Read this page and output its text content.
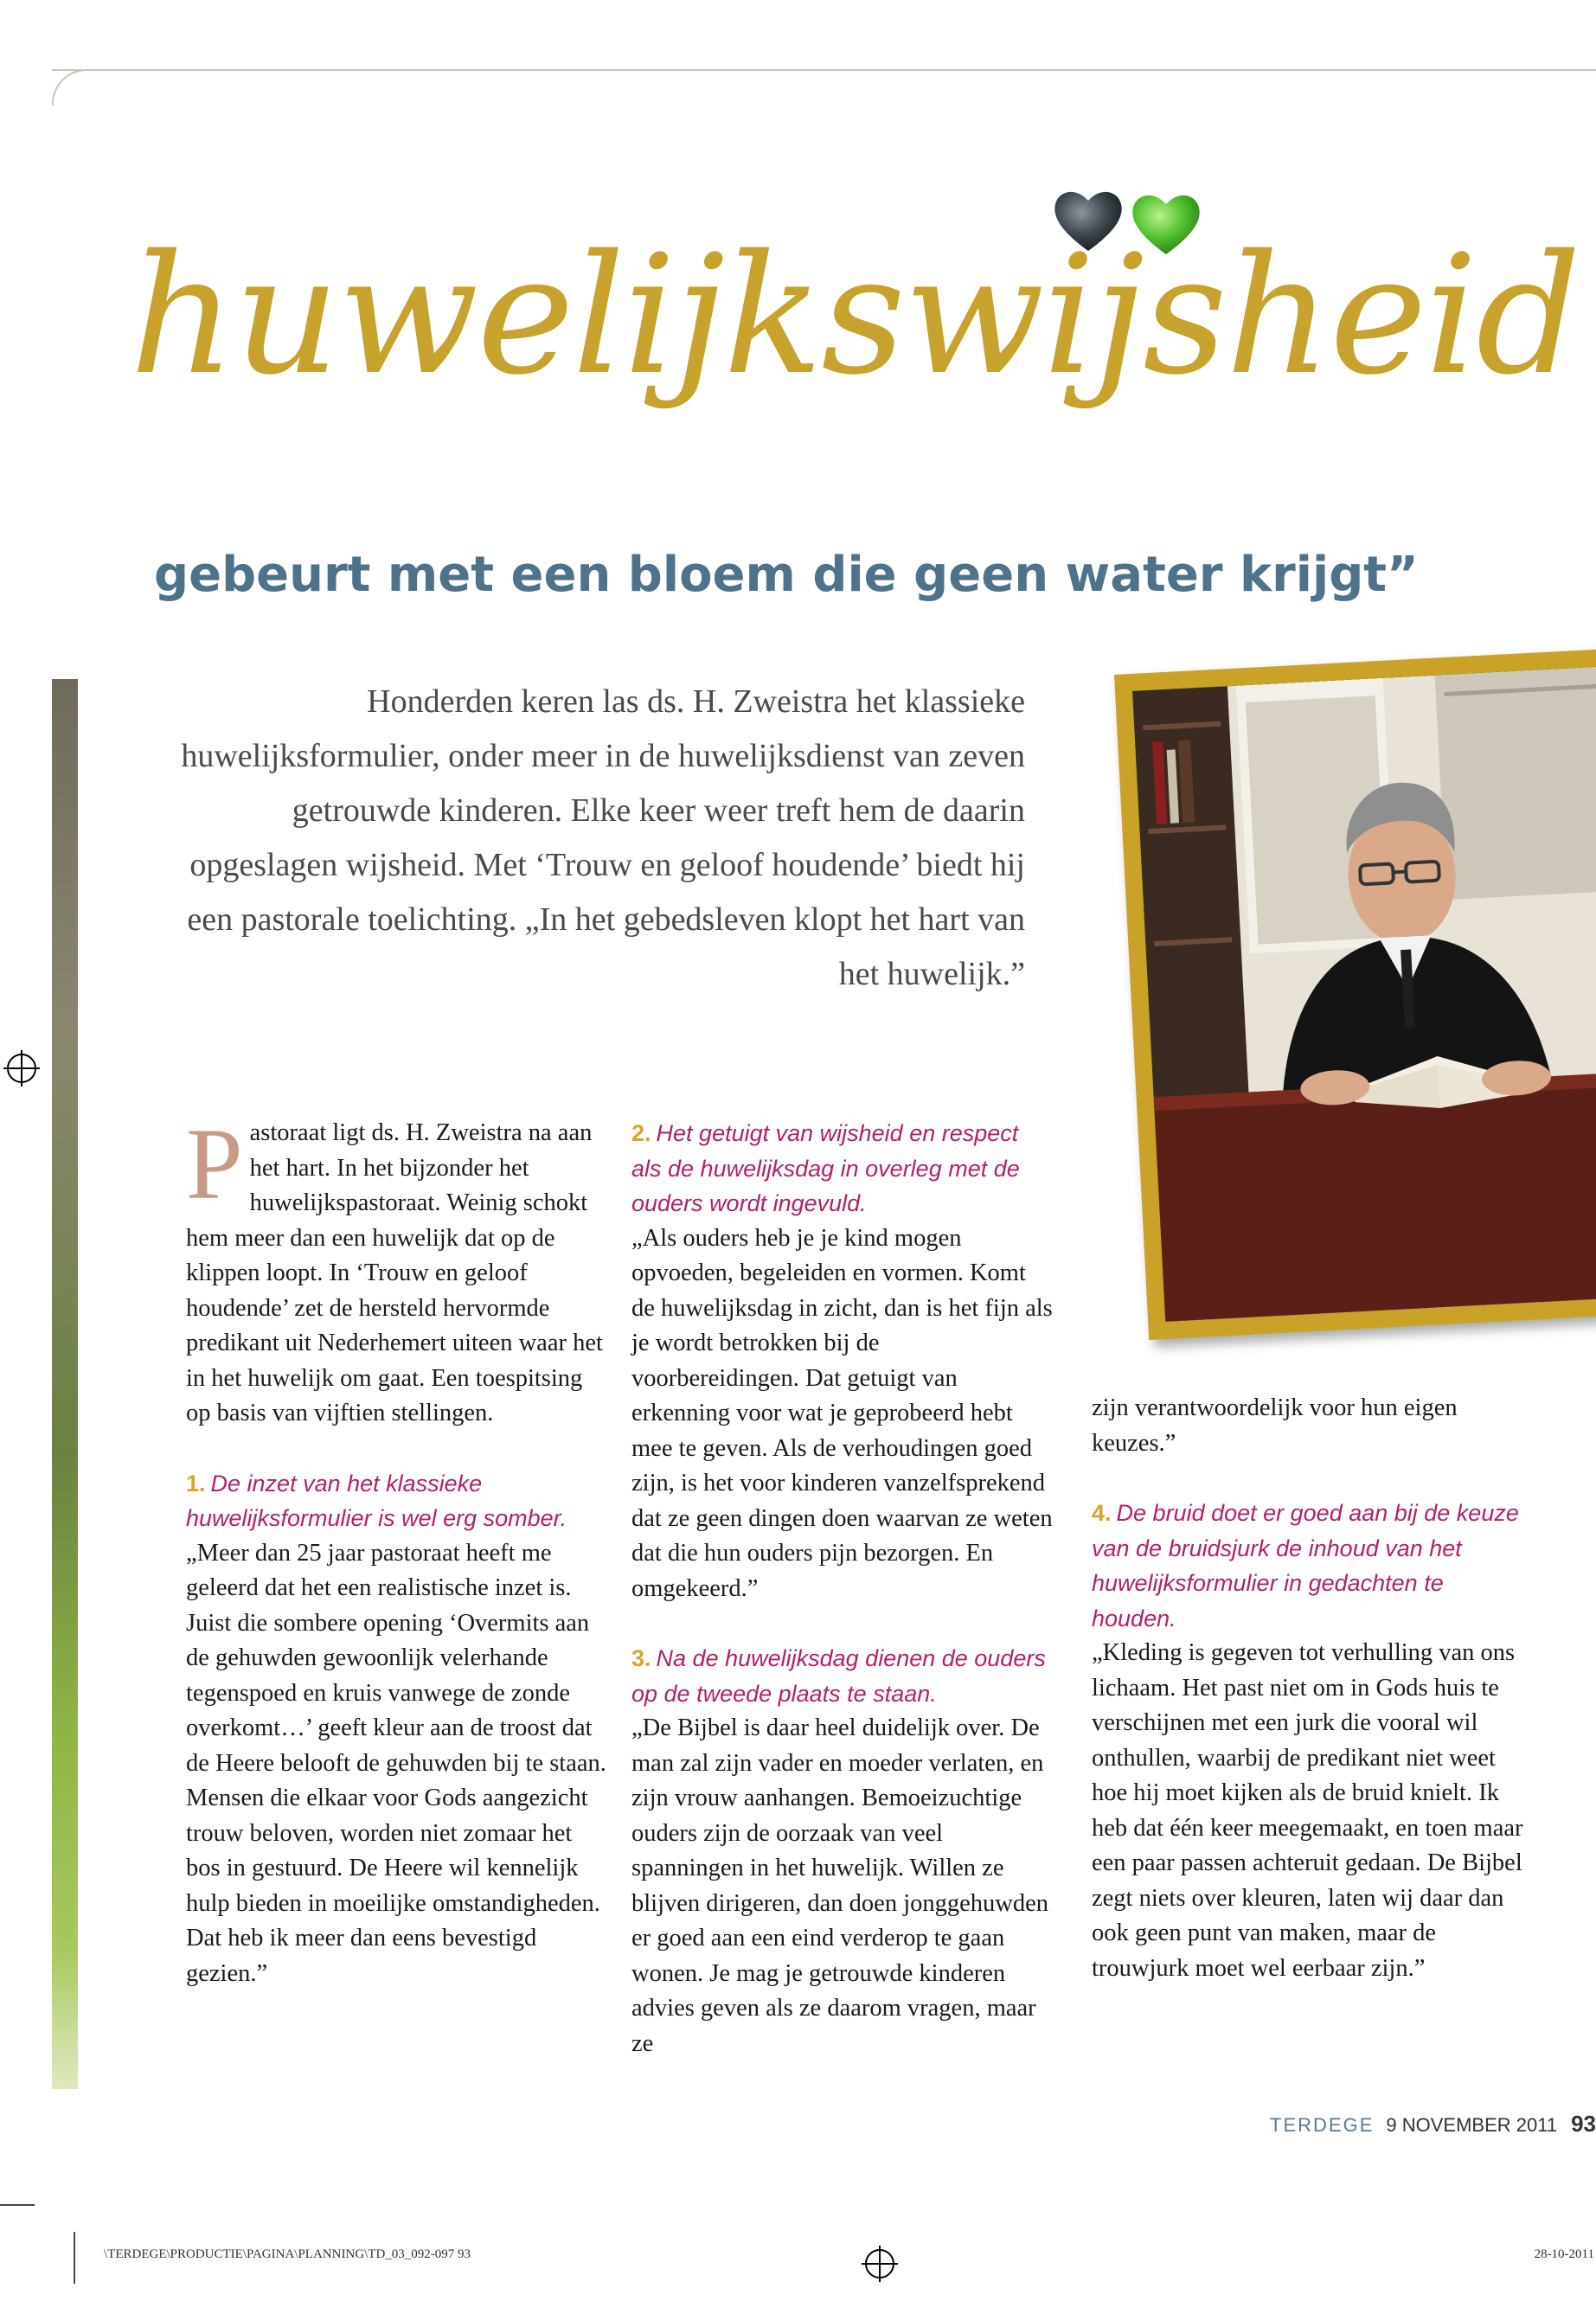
huwelijkswijsheid
gebeurt met een bloem die geen water krijgt”
Honderden keren las ds. H. Zweistra het klassieke huwelijksformulier, onder meer in de huwelijksdienst van zeven getrouwde kinderen. Elke keer weer treft hem de daarin opgeslagen wijsheid. Met ‘Trouw en geloof houdende’ biedt hij een pastorale toelichting. „In het gebedsleven klopt het hart van het huwelijk.”

Pastoraat ligt ds. H. Zweistra na aan het hart. In het bijzonder het huwelijkspastoraat. Weinig schokt hem meer dan een huwelijk dat op de klippen loopt. In ‘Trouw en geloof houdende’ zet de hersteld hervormde predikant uit Nederhemert uiteen waar het in het huwelijk om gaat. Een toespitsing op basis van vijftien stellingen.

1. De inzet van het klassieke huwelijksformulier is wel erg somber.

„Meer dan 25 jaar pastoraat heeft me geleerd dat het een realistische inzet is. Juist die sombere opening ‘Overmits aan de gehuwden gewoonlijk velerhande tegenspoed en kruis vanwege de zonde overkomt…’ geeft kleur aan de troost dat de Heere belooft de gehuwden bij te staan. Mensen die elkaar voor Gods aangezicht trouw beloven, worden niet zomaar het bos in gestuurd. De Heere wil kennelijk hulp bieden in moeilijke omstandigheden. Dat heb ik meer dan eens bevestigd gezien.”

2. Het getuigt van wijsheid en respect als de huwelijksdag in overleg met de ouders wordt ingevuld.

„Als ouders heb je je kind mogen opvoeden, begeleiden en vormen. Komt de huwelijksdag in zicht, dan is het fijn als je wordt betrokken bij de voorbereidingen. Dat getuigt van erkenning voor wat je geprobeerd hebt mee te geven. Als de verhoudingen goed zijn, is het voor kinderen vanzelfsprekend dat ze geen dingen doen waarvan ze weten dat die hun ouders pijn bezorgen. En omgekeerd.”

3. Na de huwelijksdag dienen de ouders op de tweede plaats te staan.

„De Bijbel is daar heel duidelijk over. De man zal zijn vader en moeder verlaten, en zijn vrouw aanhangen. Bemoeizuchtige ouders zijn de oorzaak van veel spanningen in het huwelijk. Willen ze blijven dirigeren, dan doen jonggehuwden er goed aan een eind verderop te gaan wonen. Je mag je getrouwde kinderen advies geven als ze daarom vragen, maar ze

zijn verantwoordelijk voor hun eigen keuzes.”

4. De bruid doet er goed aan bij de keuze van de bruidsjurk de inhoud van het huwelijksformulier in gedachten te houden.

„Kleding is gegeven tot verhulling van ons lichaam. Het past niet om in Gods huis te verschijnen met een jurk die vooral wil onthullen, waarbij de predikant niet weet hoe hij moet kijken als de bruid knielt. Ik heb dat één keer meegemaakt, en toen maar een paar passen achteruit gedaan. De Bijbel zegt niets over kleuren, laten wij daar dan ook geen punt van maken, maar de trouwjurk moet wel eerbaar zijn.”

TERDEGE 9 NOVEMBER 2011 93
\TERDEGE\PRODUCTIE\PAGINA\PLANNING\TD_03_092-097 93	28-10-2011
